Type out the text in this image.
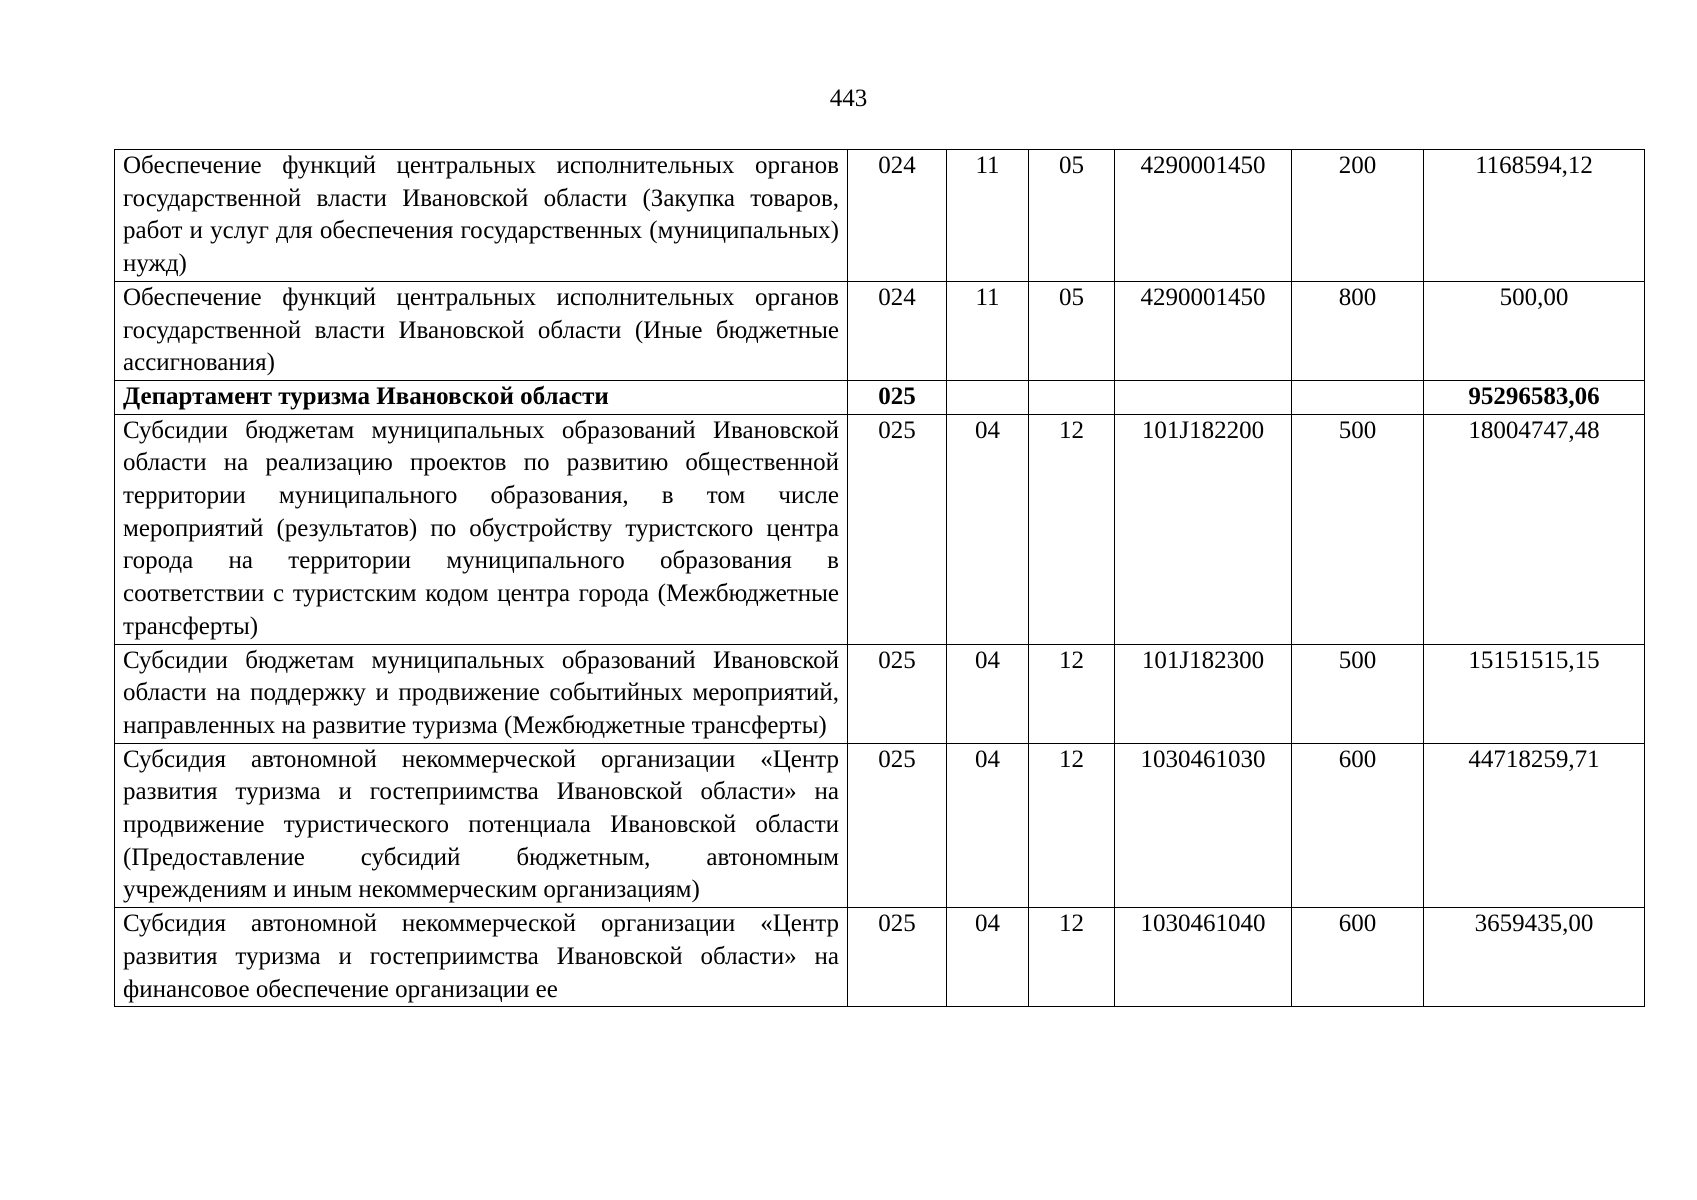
443
Обеспечение функций центральных исполнительных органов государственной власти Ивановской области (Закупка товаров, работ и услуг для обеспечения государственных (муниципальных) нужд)	024	11	05	4290001450	200	1168594,12
Обеспечение функций центральных исполнительных органов государственной власти Ивановской области (Иные бюджетные ассигнования)	024	11	05	4290001450	800	500,00
Департамент туризма Ивановской области	025					95296583,06
Субсидии бюджетам муниципальных образований Ивановской области на реализацию проектов по развитию общественной территории муниципального образования, в том числе мероприятий (результатов) по обустройству туристского центра города на территории муниципального образования в соответствии с туристским кодом центра города (Межбюджетные трансферты)	025	04	12	101J182200	500	18004747,48
Субсидии бюджетам муниципальных образований Ивановской области на поддержку и продвижение событийных мероприятий, направленных на развитие туризма (Межбюджетные трансферты)	025	04	12	101J182300	500	15151515,15
Субсидия автономной некоммерческой организации «Центр развития туризма и гостеприимства Ивановской области» на продвижение туристического потенциала Ивановской области (Предоставление субсидий бюджетным, автономным учреждениям и иным некоммерческим организациям)	025	04	12	1030461030	600	44718259,71

Субсидия автономной некоммерческой организации «Центр развития туризма и гостеприимства Ивановской области» на финансовое обеспечение организации ее	025	04	12	1030461040	600	3659435,00
